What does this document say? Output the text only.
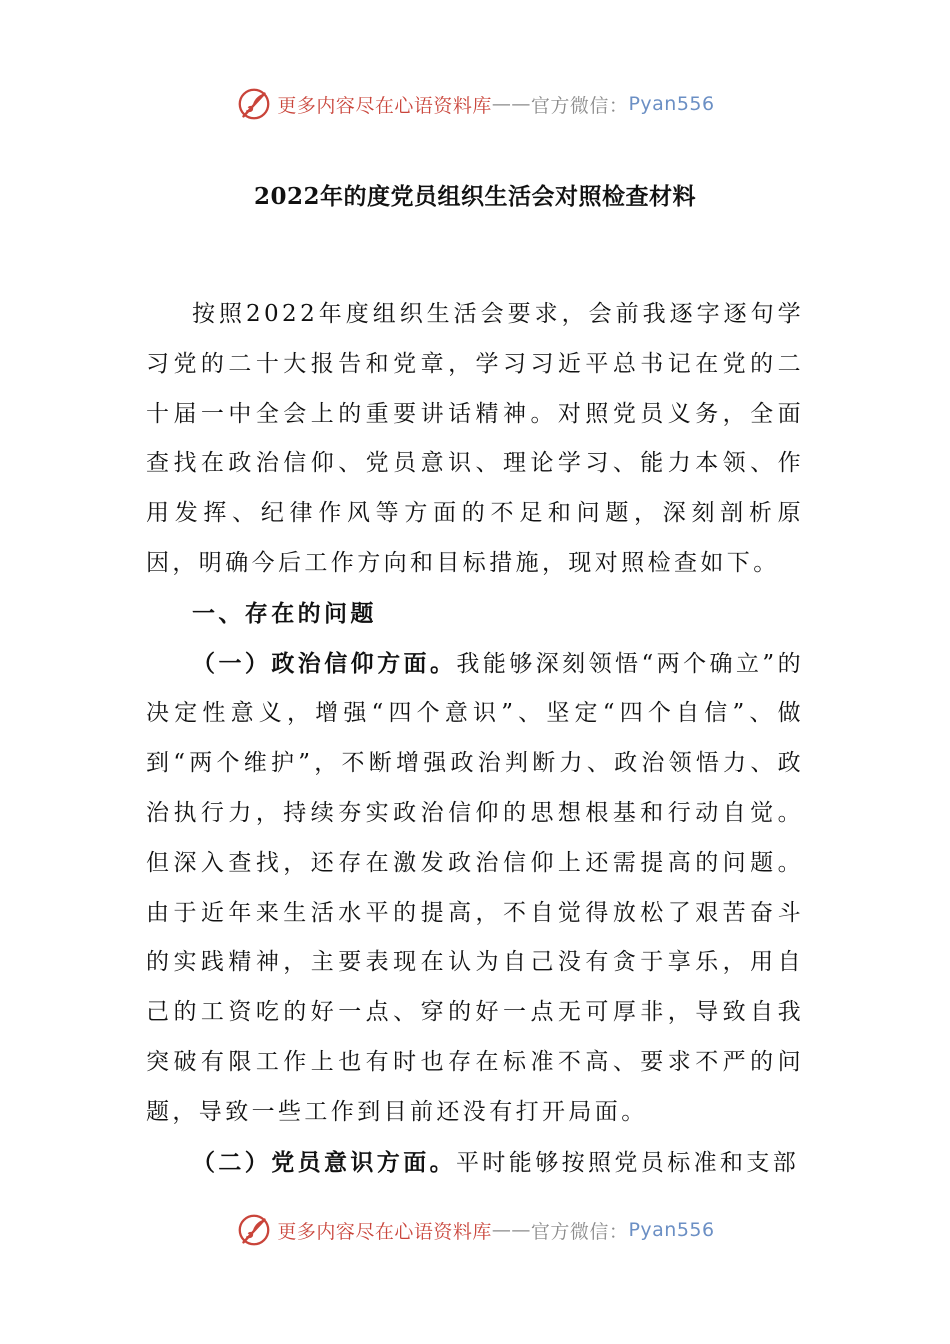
更多内容尽在心语资料库 —— 官方微信： Pyan556
2022年的度党员组织生活会对照检查材料

按照2022年度组织生活会要求，会前我逐字逐句学习党的二十大报告和党章，学习习近平总书记在党的二十届一中全会上的重要讲话精神。对照党员义务，全面查找在政治信仰、党员意识、理论学习、能力本领、作用发挥、纪律作风等方面的不足和问题，深刻剖析原因，明确今后工作方向和目标措施，现对照检查如下。

一、存在的问题

（一）政治信仰方面。我能够深刻领悟“两个确立”的决定性意义，增强“四个意识”、坚定“四个自信”、做到“两个维护”，不断增强政治判断力、政治领悟力、政治执行力，持续夯实政治信仰的思想根基和行动自觉。但深入查找，还存在激发政治信仰上还需提高的问题。由于近年来生活水平的提高，不自觉得放松了艰苦奋斗的实践精神，主要表现在认为自己没有贪于享乐，用自己的工资吃的好一点、穿的好一点无可厚非，导致自我突破有限工作上也有时也存在标准不高、要求不严的问题，导致一些工作到目前还没有打开局面。

（二）党员意识方面。平时能够按照党员标准和支部

更多内容尽在心语资料库 —— 官方微信： Pyan556
